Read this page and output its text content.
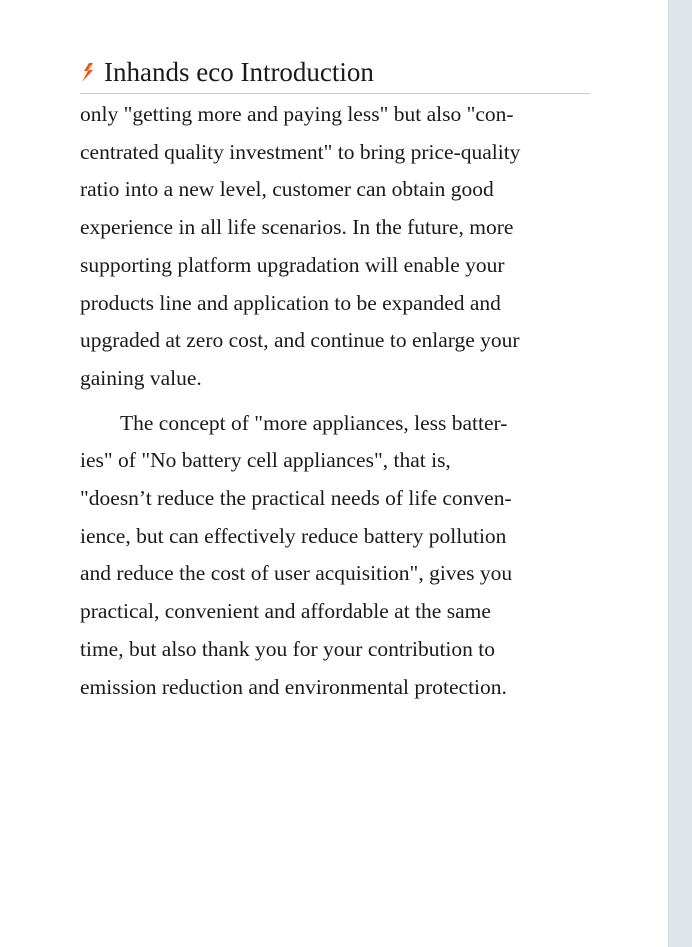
Inhands eco Introduction

only "getting more and paying less" but also "con-
centrated quality investment" to bring price-quality
ratio into a new level, customer can obtain good
experience in all life scenarios. In the future, more
supporting platform upgradation will enable your
products line and application to be expanded and
upgraded at zero cost, and continue to enlarge your
gaining value.

The concept of "more appliances, less batter-
ies" of "No battery cell appliances", that is,
"doesn’t reduce the practical needs of life conven-
ience, but can effectively reduce battery pollution
and reduce the cost of user acquisition", gives you
practical, convenient and affordable at the same
time, but also thank you for your contribution to
emission reduction and environmental protection.
